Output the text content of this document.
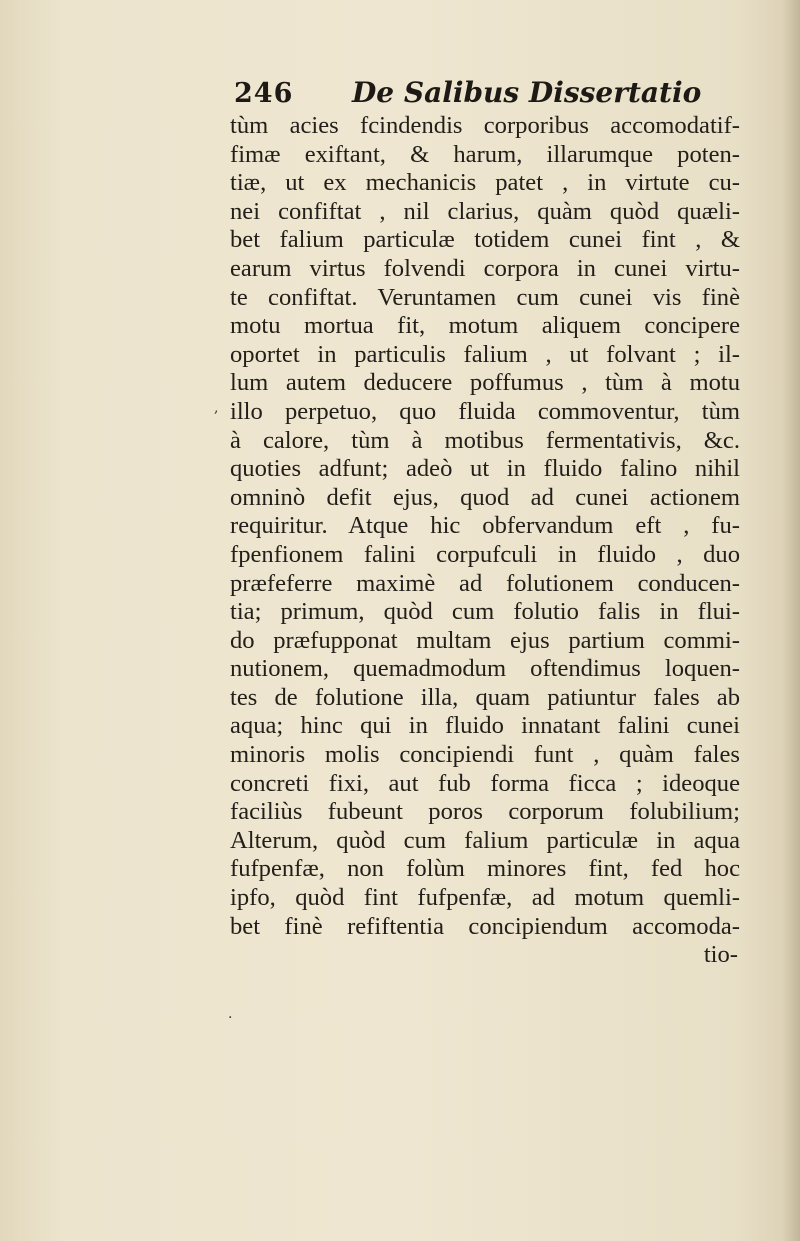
246 De Salibus Dissertatio
tùm acies fcindendis corporibus accomodatif-
fimæ exiftant, & harum, illarumque poten-
tiæ, ut ex mechanicis patet , in virtute cu-
nei confiftat , nil clarius, quàm quòd quæli-
bet falium particulæ totidem cunei fint , &
earum virtus folvendi corpora in cunei virtu-
te confiftat. Veruntamen cum cunei vis finè
motu mortua fit, motum aliquem concipere
oportet in particulis falium , ut folvant ; il-
lum autem deducere poffumus , tùm à motu
illo perpetuo, quo fluida commoventur, tùm
à calore, tùm à motibus fermentativis, &c.
quoties adfunt; adeò ut in fluido falino nihil
omninò defit ejus, quod ad cunei actionem
requiritur. Atque hic obfervandum eft , fu-
fpenfionem falini corpufculi in fluido , duo
præfeferre maximè ad folutionem conducen-
tia; primum, quòd cum folutio falis in flui-
do præfupponat multam ejus partium commi-
nutionem, quemadmodum oftendimus loquen-
tes de folutione illa, quam patiuntur fales ab
aqua; hinc qui in fluido innatant falini cunei
minoris molis concipiendi funt , quàm fales
concreti fixi, aut fub forma ficca ; ideoque
faciliùs fubeunt poros corporum folubilium;
Alterum, quòd cum falium particulæ in aqua
fufpenfæ, non folùm minores fint, fed hoc
ipfo, quòd fint fufpenfæ, ad motum quemli-
bet finè refiftentia concipiendum accomoda-
tio-
,
.
